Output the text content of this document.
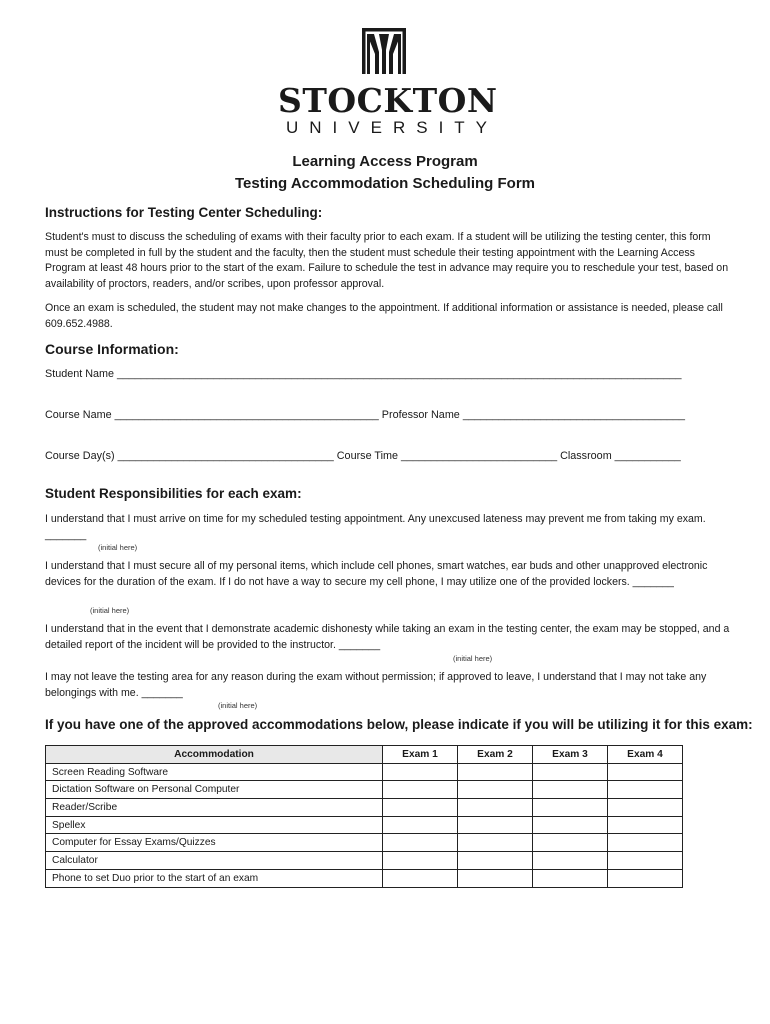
STOCKTON
UNIVERSITY
Learning Access Program
Testing Accommodation Scheduling Form
Instructions for Testing Center Scheduling:
Student's must to discuss the scheduling of exams with their faculty prior to each exam. If a student will be utilizing the testing center, this form must be completed in full by the student and the faculty, then the student must schedule their testing appointment with the Learning Access Program at least 48 hours prior to the start of the exam. Failure to schedule the test in advance may require you to reschedule your test, based on availability of proctors, readers, and/or scribes, upon professor approval.
Once an exam is scheduled, the student may not make changes to the appointment. If additional information or assistance is needed, please call 609.652.4988.
Course Information:
Student Name ______________________________________________________________________________________________
Course Name ____________________________________________ Professor Name _____________________________________
Course Day(s) ____________________________________ Course Time __________________________ Classroom ___________
Student Responsibilities for each exam:
I understand that I must arrive on time for my scheduled testing appointment. Any unexcused lateness may prevent me from taking my exam. _______
(initial here)
I understand that I must secure all of my personal items, which include cell phones, smart watches, ear buds and other unapproved electronic devices for the duration of the exam. If I do not have a way to secure my cell phone, I may utilize one of the provided lockers. _______
(initial here)
I understand that in the event that I demonstrate academic dishonesty while taking an exam in the testing center, the exam may be stopped, and a detailed report of the incident will be provided to the instructor. _______
(initial here)
I may not leave the testing area for any reason during the exam without permission; if approved to leave, I understand that I may not take any belongings with me. _______
(initial here)
If you have one of the approved accommodations below, please indicate if you will be utilizing it for this exam:
Accommodation	Exam 1	Exam 2	Exam 3	Exam 4
Screen Reading Software				
Dictation Software on Personal Computer				
Reader/Scribe				
Spellex				
Computer for Essay Exams/Quizzes				
Calculator				
Phone to set Duo prior to the start of an exam				
